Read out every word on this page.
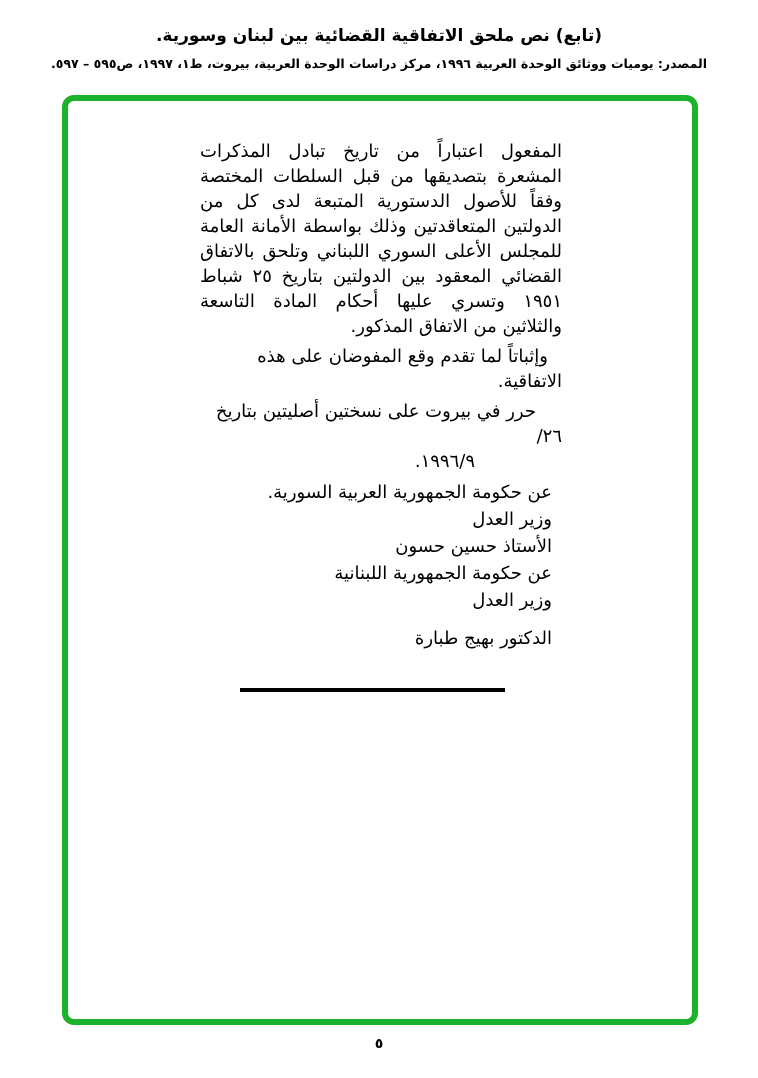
(تابع) نص ملحق الاتفاقية القضائية بين لبنان وسورية.
المصدر: يوميات ووثائق الوحدة العربية ١٩٩٦، مركز دراسات الوحدة العربية، بيروت، ط١، ١٩٩٧، ص٥٩٥ – ٥٩٧.
المفعول اعتباراً من تاريخ تبادل المذكرات المشعرة بتصديقها من قبل السلطات المختصة وفقاً للأصول الدستورية المتبعة لدى كل من الدولتين المتعاقدتين وذلك بواسطة الأمانة العامة للمجلس الأعلى السوري اللبناني وتلحق بالاتفاق القضائي المعقود بين الدولتين بتاريخ ٢٥ شباط ١٩٥١ وتسري عليها أحكام المادة التاسعة والثلاثين من الاتفاق المذكور.
وإثباتاً لما تقدم وقع المفوضان على هذه الاتفاقية.
حرر في بيروت على نسختين أصليتين بتاريخ ٢٦/
١٩٩٦/٩.
عن حكومة الجمهورية العربية السورية.
وزير العدل
الأستاذ حسين حسون
عن حكومة الجمهورية اللبنانية
وزير العدل
الدكتور بهيج طبارة
٥
